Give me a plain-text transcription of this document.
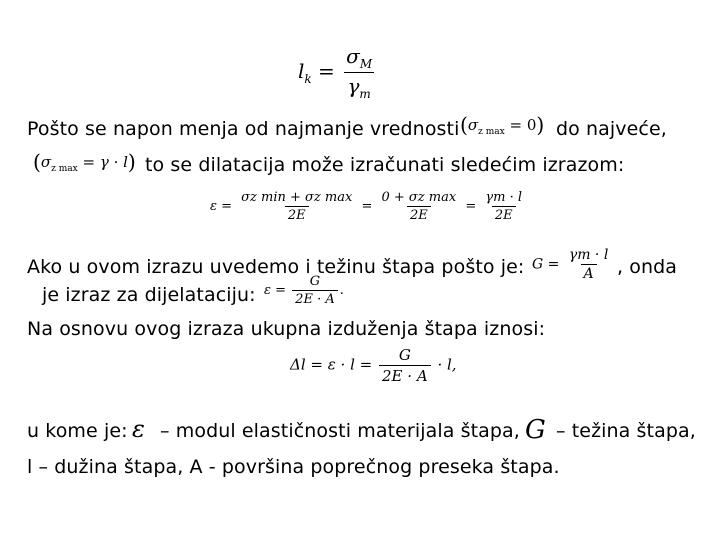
$l_k = \frac{\sigma_M}{\gamma_m}$
Pošto se napon menja od najmanje vrednosti $(\sigma_{z max} = 0)$ do najveće,
$(\sigma_{z max} = \gamma \cdot l)$ to se dilatacija može izračunati sledećim izrazom:
$\varepsilon = \frac{\text{σz min + σz max}}{2E} = \frac{\text{0 + σz max}}{2E} = \frac{\gamma m \cdot l}{2E}$
Ako u ovom izrazu uvedemo i težinu štapa pošto je: $G = \frac{\gamma m \cdot l}{A}$ , onda
je izraz za dijelataciju: $\varepsilon = \frac{G}{2E \cdot A}$ .
Na osnovu ovog izraza ukupna izduženja štapa iznosi:
$\Delta l = \varepsilon \cdot l = \frac{G}{2E \cdot A} \cdot l$,
u kome je: ε – modul elastičnosti materijala štapa, G – težina štapa,
l – dužina štapa, A - površina poprečnog preseka štapa.
